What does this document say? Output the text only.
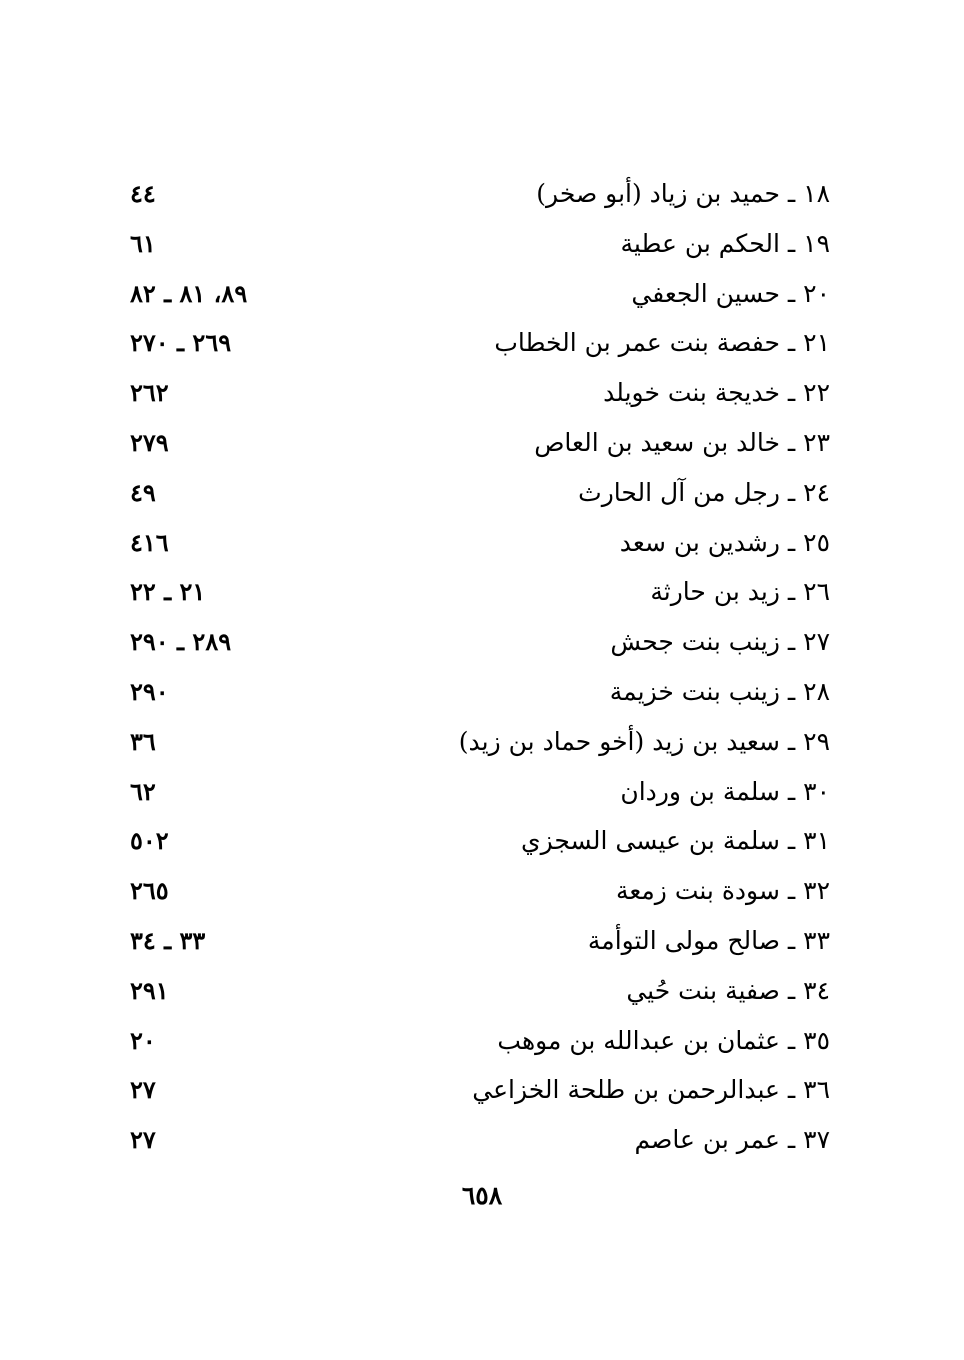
١٨ ـ حميد بن زياد (أبو صخر)
٤٤
١٩ ـ الحكم بن عطية
٦١
٢٠ ـ حسين الجعفي
٨٩، ٨١ ـ ٨٢
٢١ ـ حفصة بنت عمر بن الخطاب
٢٦٩ ـ ٢٧٠
٢٢ ـ خديجة بنت خويلد
٢٦٢
٢٣ ـ خالد بن سعيد بن العاص
٢٧٩
٢٤ ـ رجل من آل الحارث
٤٩
٢٥ ـ رشدين بن سعد
٤١٦
٢٦ ـ زيد بن حارثة
٢١ ـ ٢٢
٢٧ ـ زينب بنت جحش
٢٨٩ ـ ٢٩٠
٢٨ ـ زينب بنت خزيمة
٢٩٠
٢٩ ـ سعيد بن زيد (أخو حماد بن زيد)
٣٦
٣٠ ـ سلمة بن وردان
٦٢
٣١ ـ سلمة بن عيسى السجزي
٥٠٢
٣٢ ـ سودة بنت زمعة
٢٦٥
٣٣ ـ صالح مولى التوأمة
٣٣ ـ ٣٤
٣٤ ـ صفية بنت حُيي
٢٩١
٣٥ ـ عثمان بن عبدالله بن موهب
٢٠
٣٦ ـ عبدالرحمن بن طلحة الخزاعي
٢٧
٣٧ ـ عمر بن عاصم
٢٧
٦٥٨
